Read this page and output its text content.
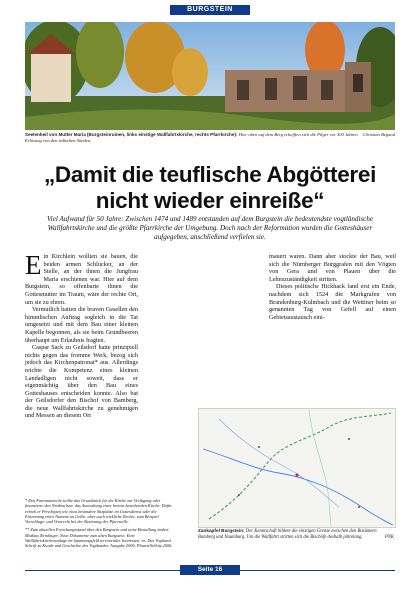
BURGSTEIN
Christian Begand
Seelenheil von Mutter Maria (Burgsteinruinen, links einstige Wallfahrtskirche, rechts Pfarrkirche): Hier oben auf dem Berg erhofften sich die Pilger vor 500 Jahren Erlösung von den irdischen Sünden.
„Damit die teuflische Abgötterei nicht wieder einreiße“
Viel Aufwand für 50 Jahre: Zwischen 1474 und 1489 entstanden auf dem Burgstein die bedeutendste vogtländische Wallfahrtskirche und die größte Pfarrkirche der Umgebung. Doch nach der Reformation wurden die Gotteshäuser aufgegeben, anschließend verfielen sie.

Ein Kirchlein wollten sie bauen, die beiden armen Schlucker, an der Stelle, an der ihnen die Jungfrau Maria erschienen war. Hier auf dem Burgstein, so offenbarte ihnen die Gottesmutter im Traum, wäre der rechte Ort, um sie zu ehren.

Vermutlich hatten die braven Gesellen den himmlischen Auftrag sogleich in die Tat umgesetzt und mit dem Bau einer kleinen Kapelle begonnen, als sie beim Grundbeeren überhaupt um Erlaubnis fragten.

Caspar Sack zu Geilsdorf hatte prinzipiell nichts gegen das fromme Werk, bezog sich jedoch das Kirchenpatronat* aus. Allerdings reichte die Kompetenz eines kleinen Landadligen nicht soweit, dass er eigenmächtig über den Bau eines Gotteshauses entscheiden konnte. Also bat der Geilsdorfer den Bischof von Bamberg, die neue Wallfahrtskirche zu genehmigen und Messen an diesem Ort

mauert waren. Dann aber stockte der Bau, weil sich die Nürnberger Burggrafen mit den Vögten von Gera und von Plauen über die Lehnszuständigkeit stritten.

Dieses politische Hickhack fand erst ein Ende, nachdem sich 1524 die Markgrafen von Brandenburg-Kulmbach und die Wettiner beim so genannten Tag von Gefell auf einen Gebietsaustausch eini-

* Das Patronatsrecht stellte das Grundstück für die Kirche zur Verfügung oder finanzierte den Neubau bzw. das Auswaltung einer bereits bestehenden Kirche. Dafür erhielt er Privilegien wie etwa besondere Sitzplätze im Gottesdienst oder die Ernennung eines Nutzens an Gelbe, aber auch wirkliche Rechte, zum Beispiel Vorschlags- und Vetorecht bei der Besetzung der Pfarrstelle.

** Zum aktuellen Forschungsstand über den Burgstein und seine Bestallung ändert Mathias Remlinger, Neue Dokumente zum alten Burgstein. Eine Wallfahrtskirchenanlage im Spannungsfeld territorialer Interessen, in: Das Vogtland. Schrift zu Kunde und Geschichte des Vogtlandes. Ausgabe 2006, Plauen/Selbitz 2006.

Zankapfel Burgstein: Der Kenntschaft bildete die einstigen Grenze zwischen den Bistümern Bamberg und Naumburg. Um die Wallfahrt stritten sich die Bischöfe deshalb jahrelang.	PNK
Seite 16
